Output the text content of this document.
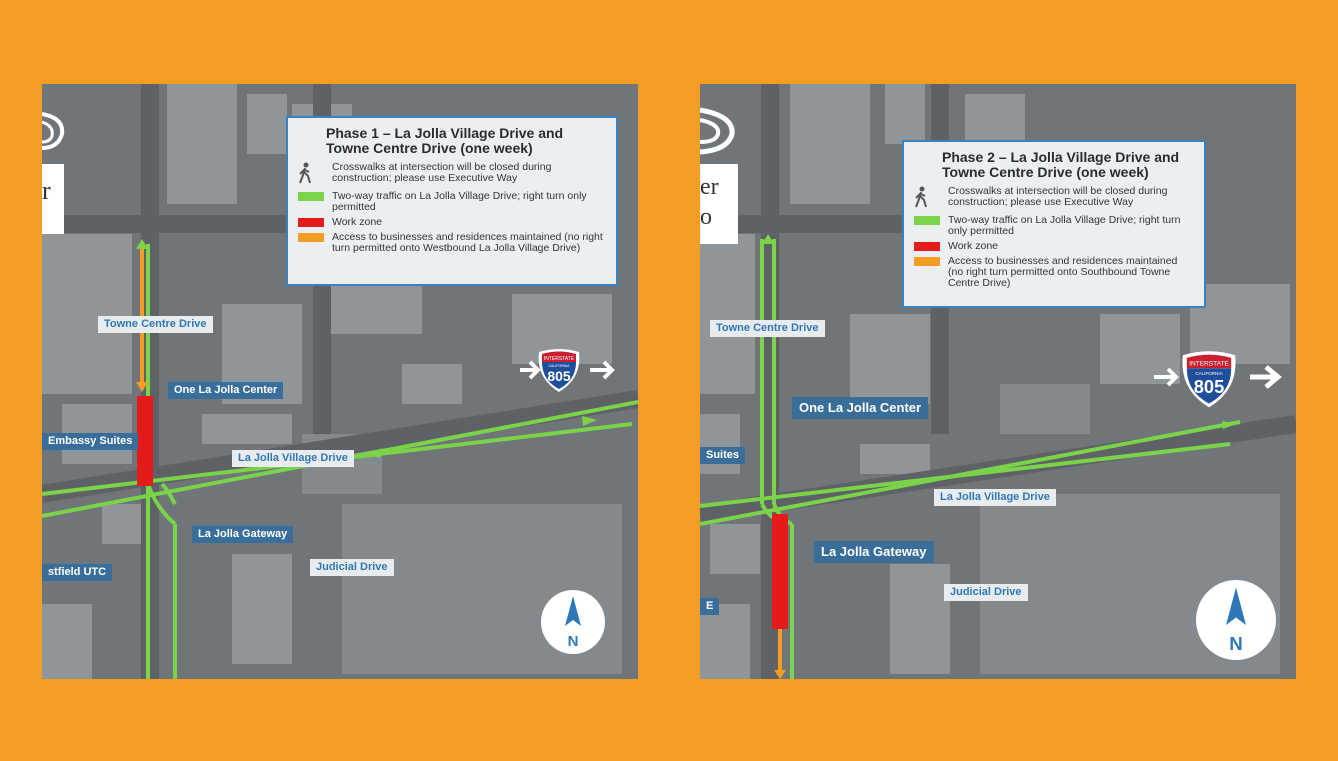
r
Phase 1 – La Jolla Village Drive and Towne Centre Drive (one week)
Crosswalks at intersection will be closed during construction; please use Executive Way
Two-way traffic on La Jolla Village Drive; right turn only permitted
Work zone
Access to businesses and residences maintained (no right turn permitted onto Westbound La Jolla Village Drive)
Towne Centre Drive
One La Jolla Center
Embassy Suites
La Jolla Village Drive
La Jolla Gateway
stfield UTC	Judicial Drive
INTERSTATE
CALIFORNIA
805
N
er
o
Phase 2 – La Jolla Village Drive and Towne Centre Drive (one week)
Crosswalks at intersection will be closed during construction; please use Executive Way
Two-way traffic on La Jolla Village Drive; right turn only permitted
Work zone
Access to businesses and residences maintained (no right turn permitted onto Southbound Towne Centre Drive)
Towne Centre Drive
One La Jolla Center
Suites
La Jolla Village Drive
La Jolla Gateway
E
Judicial Drive
INTERSTATE
CALIFORNIA
805
N
